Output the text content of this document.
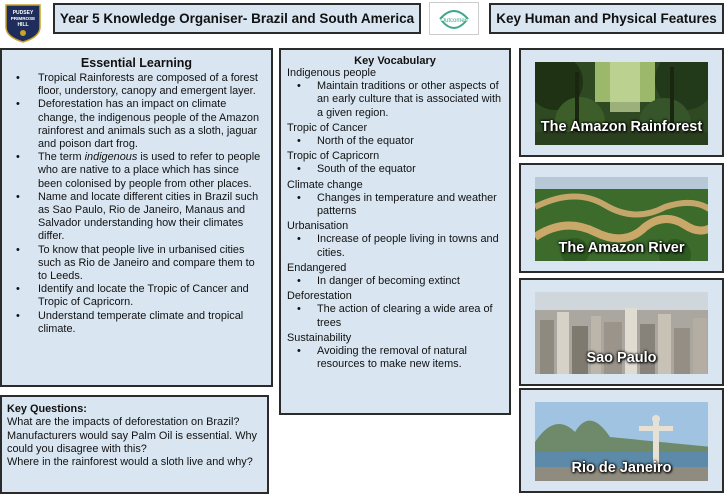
PUDSEY
PRIMROSE
HILL Year 5 Knowledge Organiser- Brazil and South America	Outcomes Key Human and Physical Features
Essential Learning
• Tropical Rainforests are composed of a forest floor, understory, canopy and emergent layer.
• Deforestation has an impact on climate change, the indigenous people of the Amazon rainforest and animals such as a sloth, jaguar and poison dart frog.
• The term indigenous is used to refer to people who are native to a place which has since been colonised by people from other places.
• Name and locate different cities in Brazil such as Sao Paulo, Rio de Janeiro, Manaus and Salvador understanding how their climates differ.
• To know that people live in urbanised cities such as Rio de Janeiro and compare them to to Leeds.
• Identify and locate the Tropic of Cancer and Tropic of Capricorn.
• Understand temperate climate and tropical climate.
Key Vocabulary
Indigenous people
• Maintain traditions or other aspects of an early culture that is associated with a given region.
Tropic of Cancer
• North of the equator
Tropic of Capricorn
• South of the equator
Climate change
• Changes in temperature and weather patterns
Urbanisation
• Increase of people living in towns and cities.
Endangered
• In danger of becoming extinct
Deforestation
• The action of clearing a wide area of trees
Sustainability
• Avoiding the removal of natural resources to make new items.
Key Questions:
What are the impacts of deforestation on Brazil?
Manufacturers would say Palm Oil is essential. Why could you disagree with this?
Where in the rainforest would a sloth live and why?
The Amazon Rainforest
The Amazon River
Sao Paulo
Rio de Janeiro
